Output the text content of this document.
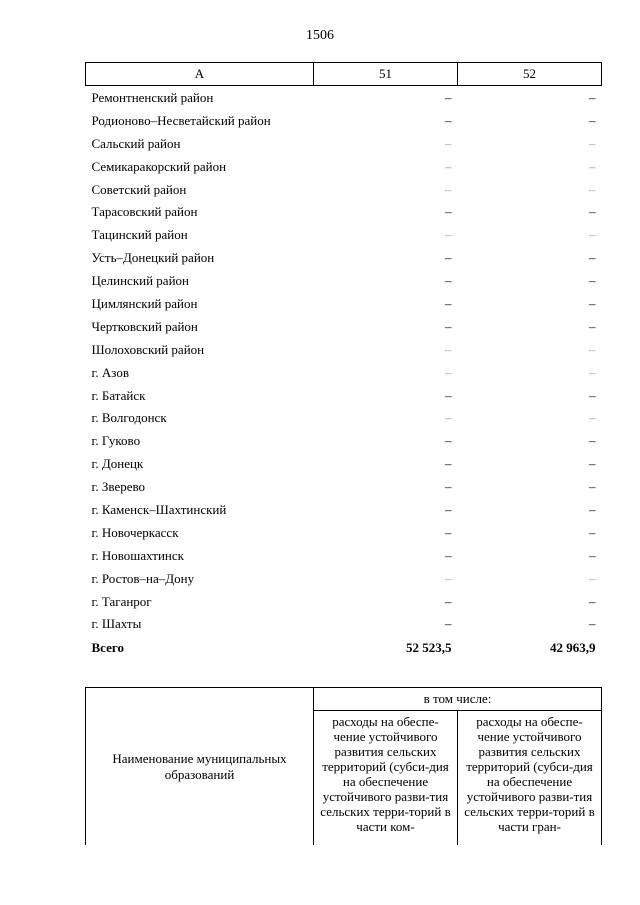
1506
А	51	52
Ремонтненский район	–	–
Родионово–Несветайский район	–	–
Сальский район	–	–
Семикаракорский район	–	–
Советский район	–	–
Тарасовский район	–	–
Тацинский район	–	–
Усть–Донецкий район	–	–
Целинский район	–	–
Цимлянский район	–	–
Чертковский район	–	–
Шолоховский район	–	–
г. Азов	–	–
г. Батайск	–	–
г. Волгодонск	–	–
г. Гуково	–	–
г. Донецк	–	–
г. Зверево	–	–
г. Каменск–Шахтинский	–	–
г. Новочеркасск	–	–
г. Новошахтинск	–	–
г. Ростов–на–Дону	–	–
г. Таганрог	–	–
г. Шахты	–	–
Всего	52 523,5	42 963,9
Наименование муниципальных образований	в том числе:	
	расходы на обеспе-чение устойчивого развития сельских территорий (субси-дия на обеспечение устойчивого разви-тия сельских терри-торий в части ком-	расходы на обеспе-чение устойчивого развития сельских территорий (субси-дия на обеспечение устойчивого разви-тия сельских терри-торий в части гран-
